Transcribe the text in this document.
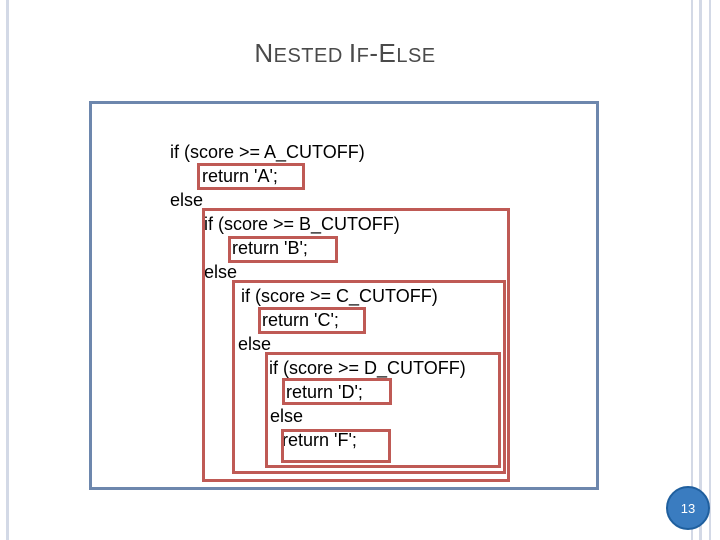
NESTED IF-ELSE
if (score >= A_CUTOFF)
return 'A';
else
if (score >= B_CUTOFF)
return 'B';
else
if (score >= C_CUTOFF)
return 'C';
else
if (score >= D_CUTOFF)
return 'D';
else
return 'F';
13
